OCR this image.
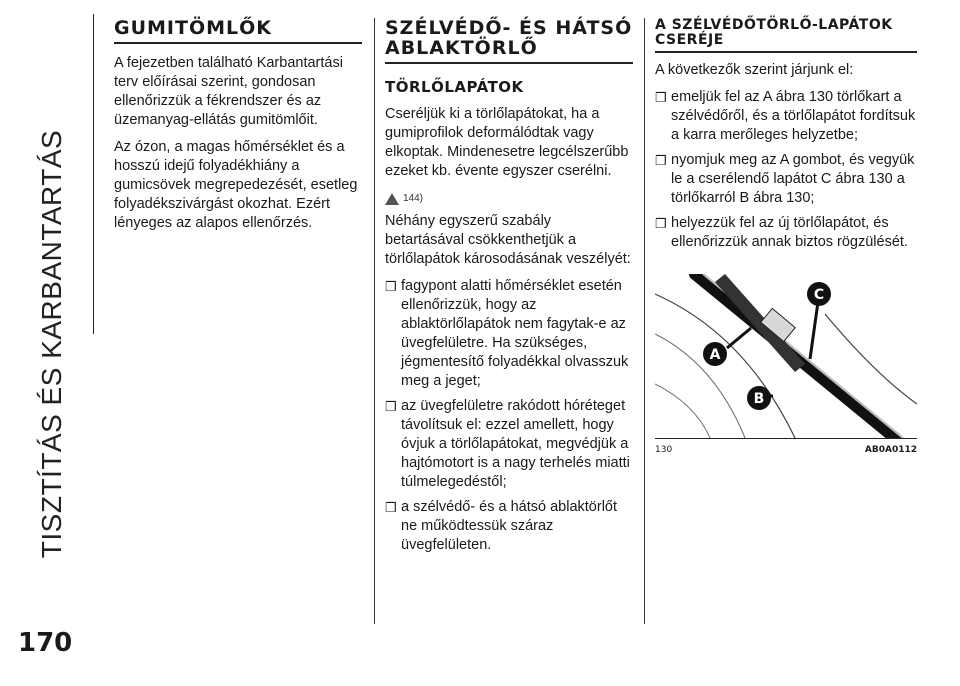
TISZTÍTÁS ÉS KARBANTARTÁS
170
GUMITÖMLŐK

A fejezetben található Karbantartási terv előírásai szerint, gondosan ellenőrizzük a fékrendszer és az üzemanyag-ellátás gumitömlőit.

Az ózon, a magas hőmérséklet és a hosszú idejű folyadékhiány a gumicsövek megrepedezését, esetleg folyadékszivárgást okozhat. Ezért lényeges az alapos ellenőrzés.

SZÉLVÉDŐ- ÉS HÁTSÓ ABLAKTÖRLŐ
TÖRLŐLAPÁTOK

Cseréljük ki a törlőlapátokat, ha a gumiprofilok deformálódtak vagy elkoptak. Mindenesetre legcélszerűbb ezeket kb. évente egyszer cserélni.

144)

Néhány egyszerű szabály betartásával csökkenthetjük a törlőlapátok károsodásának veszélyét:

❒ fagypont alatti hőmérséklet esetén ellenőrizzük, hogy az ablaktörlőlapátok nem fagytak-e az üvegfelületre. Ha szükséges, jégmentesítő folyadékkal olvasszuk meg a jeget;
❒ az üvegfelületre rakódott hóréteget távolítsuk el: ezzel amellett, hogy óvjuk a törlőlapátokat, megvédjük a hajtómotort is a nagy terhelés miatti túlmelegedéstől;
❒ a szélvédő- és a hátsó ablaktörlőt ne működtessük száraz üvegfelületen.
A SZÉLVÉDŐTÖRLŐ-LAPÁTOK CSERÉJE

A következők szerint járjunk el:

❒ emeljük fel az A ábra 130 törlőkart a szélvédőről, és a törlőlapátot fordítsuk a karra merőleges helyzetbe;
❒ nyomjuk meg az A gombot, és vegyük le a cserélendő lapátot C ábra 130 a törlőkarról B ábra 130;
❒ helyezzük fel az új törlőlapátot, és ellenőrizzük annak biztos rögzülését.
A
B
C
130	AB0A0112
